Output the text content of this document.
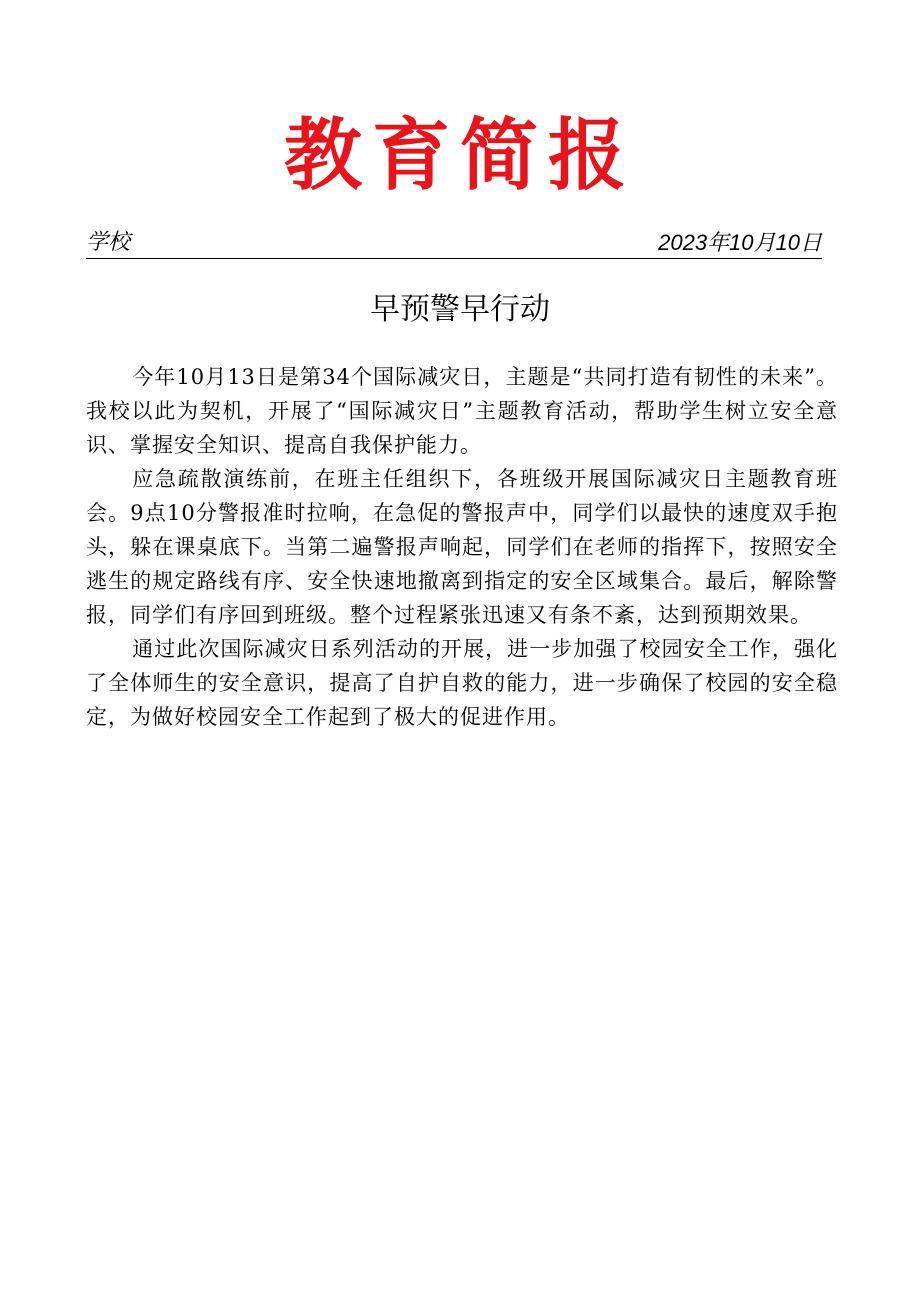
教育简报
学校	2023年10月10日
早预警早行动

今年10月13日是第34个国际减灾日，主题是“共同打造有韧性的未来”。我校以此为契机，开展了“国际减灾日”主题教育活动，帮助学生树立安全意识、掌握安全知识、提高自我保护能力。

应急疏散演练前，在班主任组织下，各班级开展国际减灾日主题教育班会。9点10分警报准时拉响，在急促的警报声中，同学们以最快的速度双手抱头，躲在课桌底下。当第二遍警报声响起，同学们在老师的指挥下，按照安全逃生的规定路线有序、安全快速地撤离到指定的安全区域集合。最后，解除警报，同学们有序回到班级。整个过程紧张迅速又有条不紊，达到预期效果。

通过此次国际减灾日系列活动的开展，进一步加强了校园安全工作，强化了全体师生的安全意识，提高了自护自救的能力，进一步确保了校园的安全稳定，为做好校园安全工作起到了极大的促进作用。
